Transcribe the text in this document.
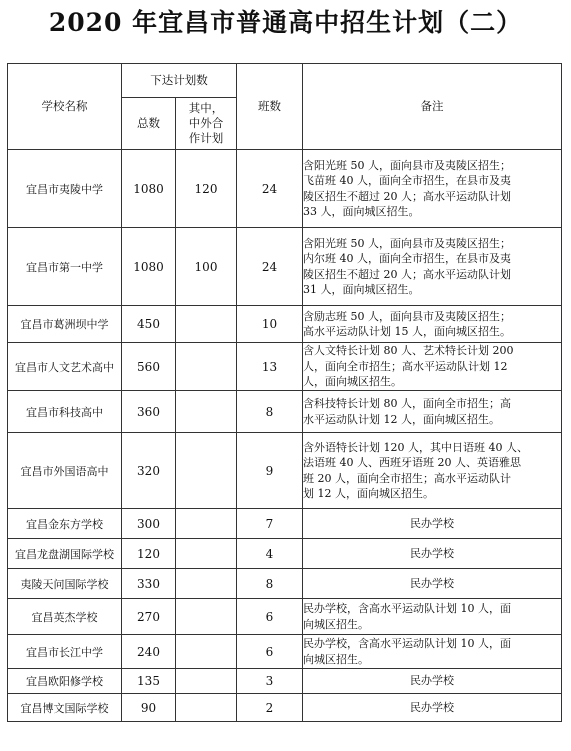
2020 年宜昌市普通高中招生计划（二）
学校名称	下达计划数		班数	备注
	总数	其中，
中外合
作计划		

宜昌市夷陵中学	1080	120	24	含阳光班 50 人，面向县市及夷陵区招生；
飞苗班 40 人，面向全市招生，在县市及夷
陵区招生不超过 20 人；高水平运动队计划
33 人，面向城区招生。

宜昌市第一中学	1080	100	24	含阳光班 50 人，面向县市及夷陵区招生；
内尔班 40 人，面向全市招生，在县市及夷
陵区招生不超过 20 人；高水平运动队计划
31 人，面向城区招生。

宜昌市葛洲坝中学	450		10	含励志班 50 人，面向县市及夷陵区招生；
高水平运动队计划 15 人，面向城区招生。

宜昌市人文艺术高中	560		13	含人文特长计划 80 人、艺术特长计划 200
人，面向全市招生；高水平运动队计划 12
人，面向城区招生。

宜昌市科技高中	360		8	含科技特长计划 80 人，面向全市招生；高
水平运动队计划 12 人，面向城区招生。

宜昌市外国语高中	320		9	含外语特长计划 120 人，其中日语班 40 人、
法语班 40 人、西班牙语班 20 人、英语雅思
班 20 人，面向全市招生；高水平运动队计
划 12 人，面向城区招生。

宜昌金东方学校	300		7	民办学校

宜昌龙盘湖国际学校	120		4	民办学校

夷陵天问国际学校	330		8	民办学校

宜昌英杰学校	270		6	民办学校，含高水平运动队计划 10 人，面
向城区招生。

宜昌市长江中学	240		6	民办学校，含高水平运动队计划 10 人，面
向城区招生。

宜昌欧阳修学校	135		3	民办学校

宜昌博文国际学校	90		2	民办学校
